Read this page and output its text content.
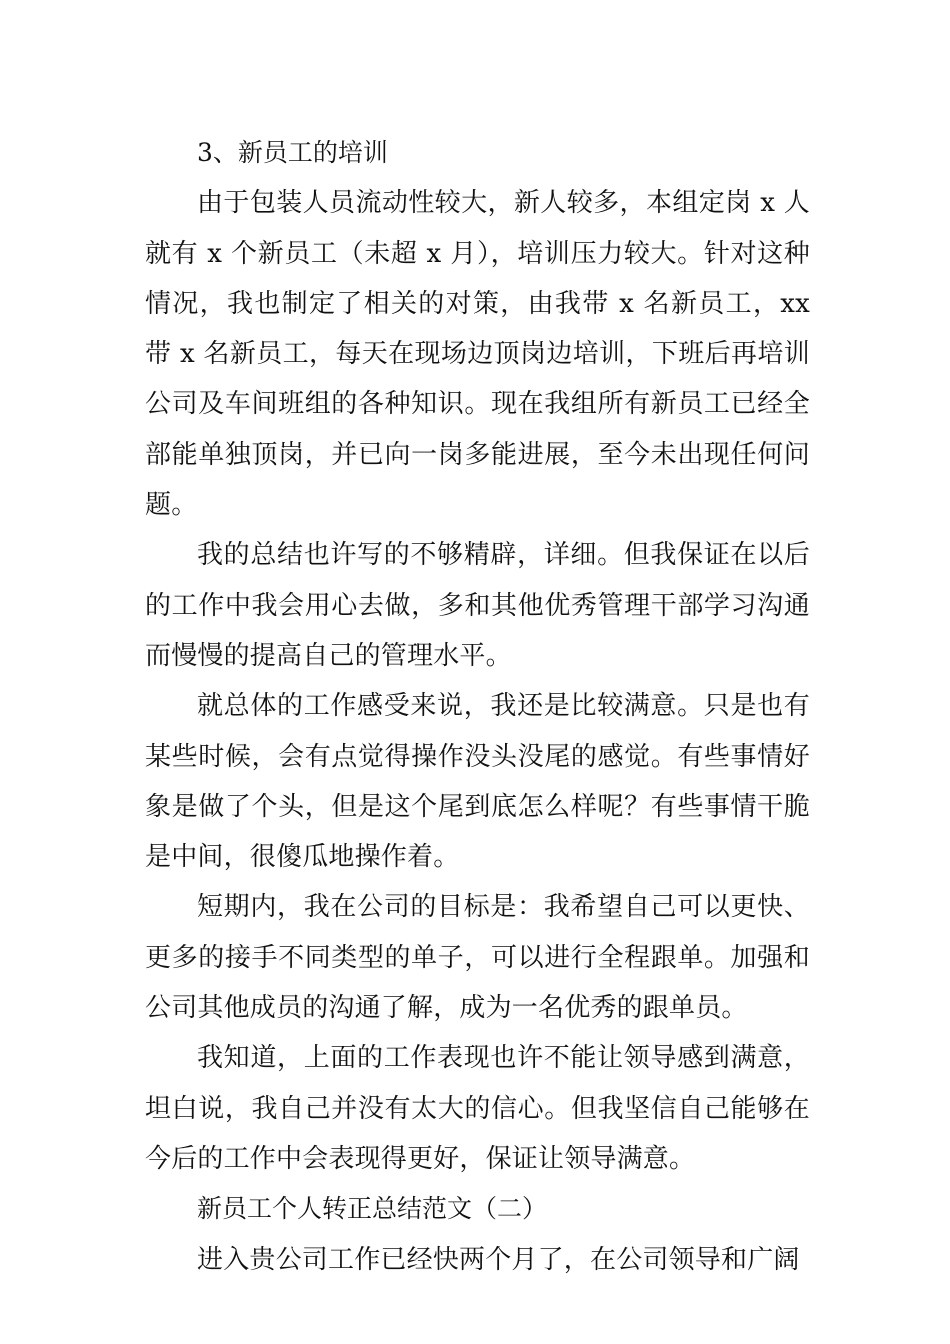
3、新员工的培训

由于包装人员流动性较大，新人较多，本组定岗 x 人就有 x 个新员工（未超 x 月），培训压力较大。针对这种情况，我也制定了相关的对策，由我带 x 名新员工，xx 带 x 名新员工，每天在现场边顶岗边培训，下班后再培训公司及车间班组的各种知识。现在我组所有新员工已经全部能单独顶岗，并已向一岗多能进展，至今未出现任何问题。

我的总结也许写的不够精辟，详细。但我保证在以后的工作中我会用心去做，多和其他优秀管理干部学习沟通而慢慢的提高自己的管理水平。

就总体的工作感受来说，我还是比较满意。只是也有某些时候，会有点觉得操作没头没尾的感觉。有些事情好象是做了个头，但是这个尾到底怎么样呢？有些事情干脆是中间，很傻瓜地操作着。

短期内，我在公司的目标是：我希望自己可以更快、更多的接手不同类型的单子，可以进行全程跟单。加强和公司其他成员的沟通了解，成为一名优秀的跟单员。

我知道，上面的工作表现也许不能让领导感到满意，坦白说，我自己并没有太大的信心。但我坚信自己能够在今后的工作中会表现得更好，保证让领导满意。

新员工个人转正总结范文（二）

进入贵公司工作已经快两个月了，在公司领导和广阔
